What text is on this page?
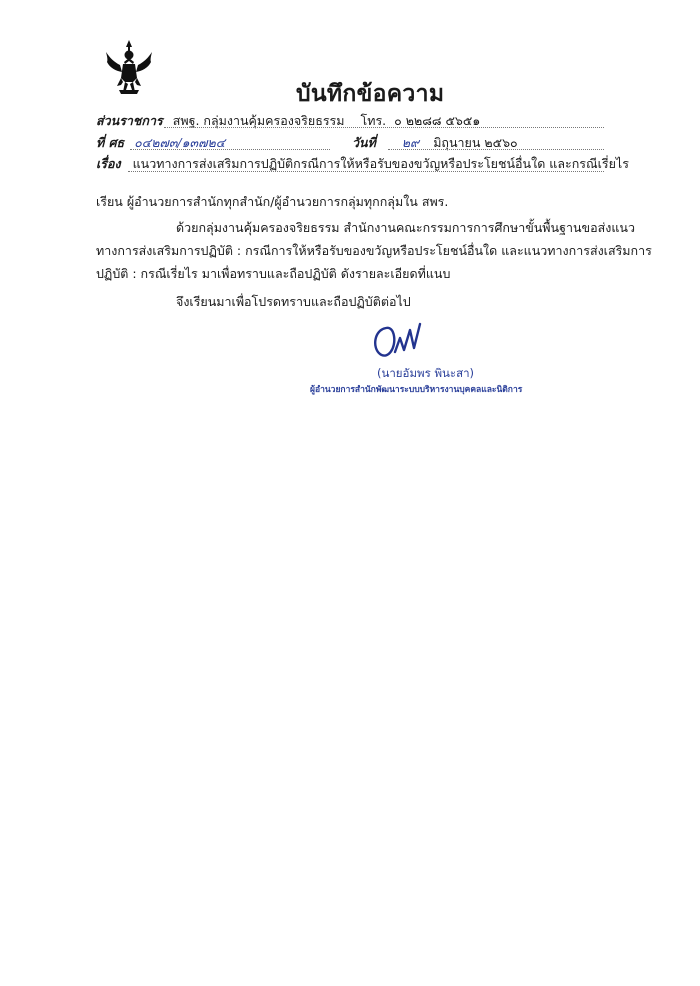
บันทึกข้อความ
ส่วนราชการ สพฐ. กลุ่มงานคุ้มครองจริยธรรม โทร. ๐ ๒๒๘๘ ๕๖๕๑
ที่ ศธ ๐๔๒๗๓/๑๓๗๒๔	วันที่ ๒๙ มิถุนายน ๒๕๖๐
เรื่อง แนวทางการส่งเสริมการปฏิบัติกรณีการให้หรือรับของขวัญหรือประโยชน์อื่นใด และกรณีเรี่ยไร
เรียน ผู้อำนวยการสำนักทุกสำนัก/ผู้อำนวยการกลุ่มทุกกลุ่มใน สพร.
ด้วยกลุ่มงานคุ้มครองจริยธรรม สำนักงานคณะกรรมการการศึกษาขั้นพื้นฐานขอส่งแนว
ทางการส่งเสริมการปฏิบัติ : กรณีการให้หรือรับของขวัญหรือประโยชน์อื่นใด และแนวทางการส่งเสริมการ
ปฏิบัติ : กรณีเรี่ยไร มาเพื่อทราบและถือปฏิบัติ ดังรายละเอียดที่แนบ
จึงเรียนมาเพื่อโปรดทราบและถือปฏิบัติต่อไป
(นายอัมพร พินะสา)
ผู้อำนวยการสำนักพัฒนาระบบบริหารงานบุคคลและนิติการ
